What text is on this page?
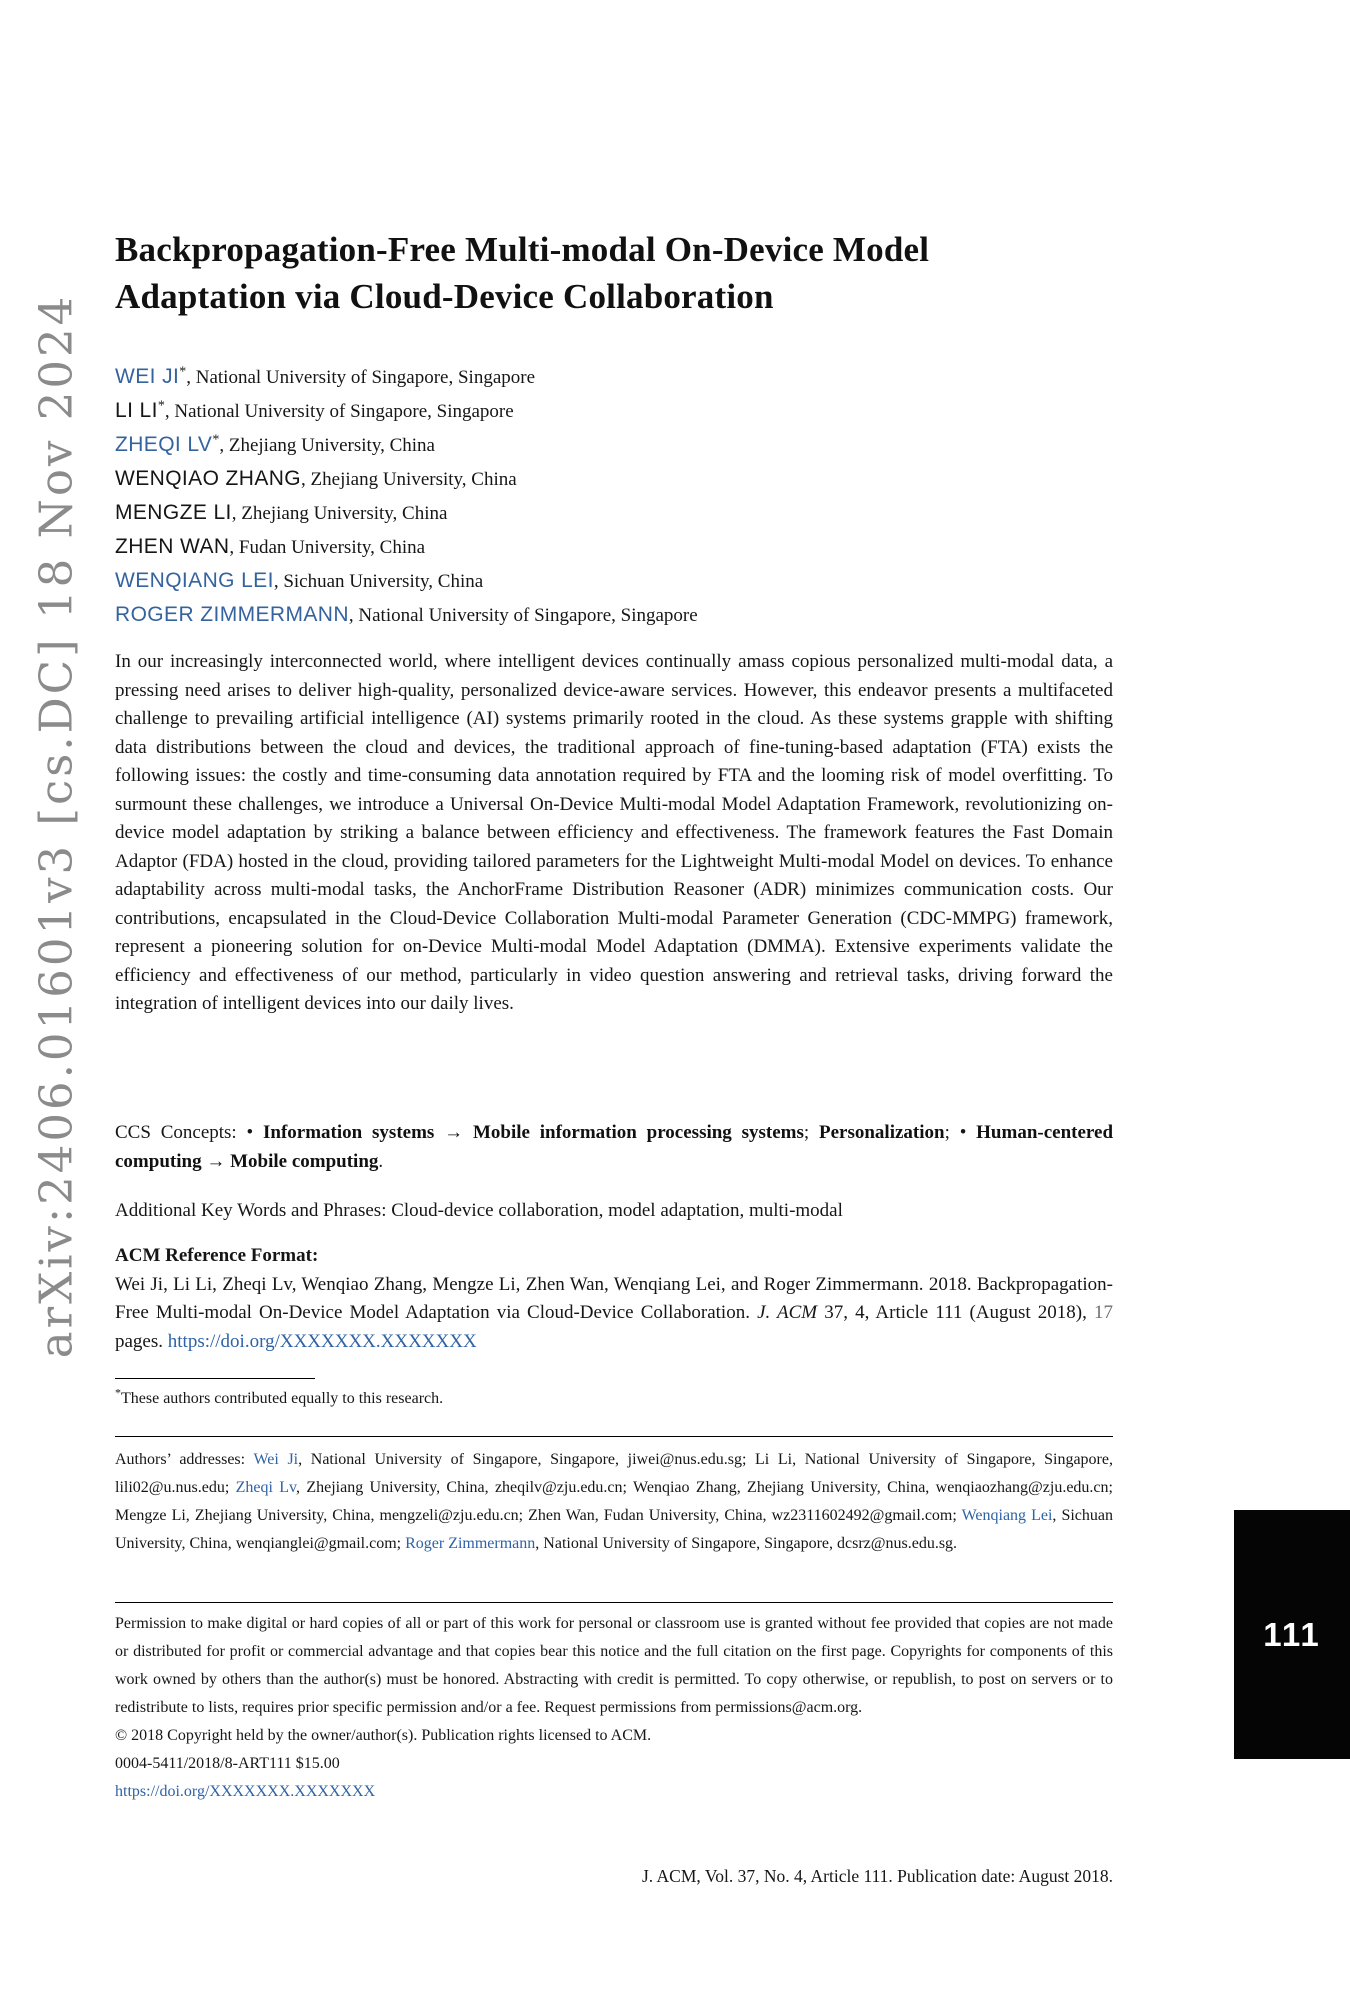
arXiv:2406.01601v3 [cs.DC] 18 Nov 2024
Backpropagation-Free Multi-modal On-Device Model
Adaptation via Cloud-Device Collaboration
WEI JI*, National University of Singapore, Singapore
LI LI*, National University of Singapore, Singapore
ZHEQI LV*, Zhejiang University, China
WENQIAO ZHANG, Zhejiang University, China
MENGZE LI, Zhejiang University, China
ZHEN WAN, Fudan University, China
WENQIANG LEI, Sichuan University, China
ROGER ZIMMERMANN, National University of Singapore, Singapore
In our increasingly interconnected world, where intelligent devices continually amass copious personalized multi-modal data, a pressing need arises to deliver high-quality, personalized device-aware services. However, this endeavor presents a multifaceted challenge to prevailing artificial intelligence (AI) systems primarily rooted in the cloud. As these systems grapple with shifting data distributions between the cloud and devices, the traditional approach of fine-tuning-based adaptation (FTA) exists the following issues: the costly and time-consuming data annotation required by FTA and the looming risk of model overfitting. To surmount these challenges, we introduce a Universal On-Device Multi-modal Model Adaptation Framework, revolutionizing on-device model adaptation by striking a balance between efficiency and effectiveness. The framework features the Fast Domain Adaptor (FDA) hosted in the cloud, providing tailored parameters for the Lightweight Multi-modal Model on devices. To enhance adaptability across multi-modal tasks, the AnchorFrame Distribution Reasoner (ADR) minimizes communication costs. Our contributions, encapsulated in the Cloud-Device Collaboration Multi-modal Parameter Generation (CDC-MMPG) framework, represent a pioneering solution for on-Device Multi-modal Model Adaptation (DMMA). Extensive experiments validate the efficiency and effectiveness of our method, particularly in video question answering and retrieval tasks, driving forward the integration of intelligent devices into our daily lives.
CCS Concepts: • Information systems → Mobile information processing systems; Personalization; • Human-centered computing → Mobile computing.
Additional Key Words and Phrases: Cloud-device collaboration, model adaptation, multi-modal
ACM Reference Format:
Wei Ji, Li Li, Zheqi Lv, Wenqiao Zhang, Mengze Li, Zhen Wan, Wenqiang Lei, and Roger Zimmermann. 2018. Backpropagation-Free Multi-modal On-Device Model Adaptation via Cloud-Device Collaboration. J. ACM 37, 4, Article 111 (August 2018), 17 pages. https://doi.org/XXXXXXX.XXXXXXX
*These authors contributed equally to this research.
Authors’ addresses: Wei Ji, National University of Singapore, Singapore, jiwei@nus.edu.sg; Li Li, National University of Singapore, Singapore, lili02@u.nus.edu; Zheqi Lv, Zhejiang University, China, zheqilv@zju.edu.cn; Wenqiao Zhang, Zhejiang University, China, wenqiaozhang@zju.edu.cn; Mengze Li, Zhejiang University, China, mengzeli@zju.edu.cn; Zhen Wan, Fudan University, China, wz2311602492@gmail.com; Wenqiang Lei, Sichuan University, China, wenqianglei@gmail.com; Roger Zimmermann, National University of Singapore, Singapore, dcsrz@nus.edu.sg.
Permission to make digital or hard copies of all or part of this work for personal or classroom use is granted without fee provided that copies are not made or distributed for profit or commercial advantage and that copies bear this notice and the full citation on the first page. Copyrights for components of this work owned by others than the author(s) must be honored. Abstracting with credit is permitted. To copy otherwise, or republish, to post on servers or to redistribute to lists, requires prior specific permission and/or a fee. Request permissions from permissions@acm.org.
© 2018 Copyright held by the owner/author(s). Publication rights licensed to ACM.
0004-5411/2018/8-ART111 $15.00
https://doi.org/XXXXXXX.XXXXXXX
J. ACM, Vol. 37, No. 4, Article 111. Publication date: August 2018.
111
